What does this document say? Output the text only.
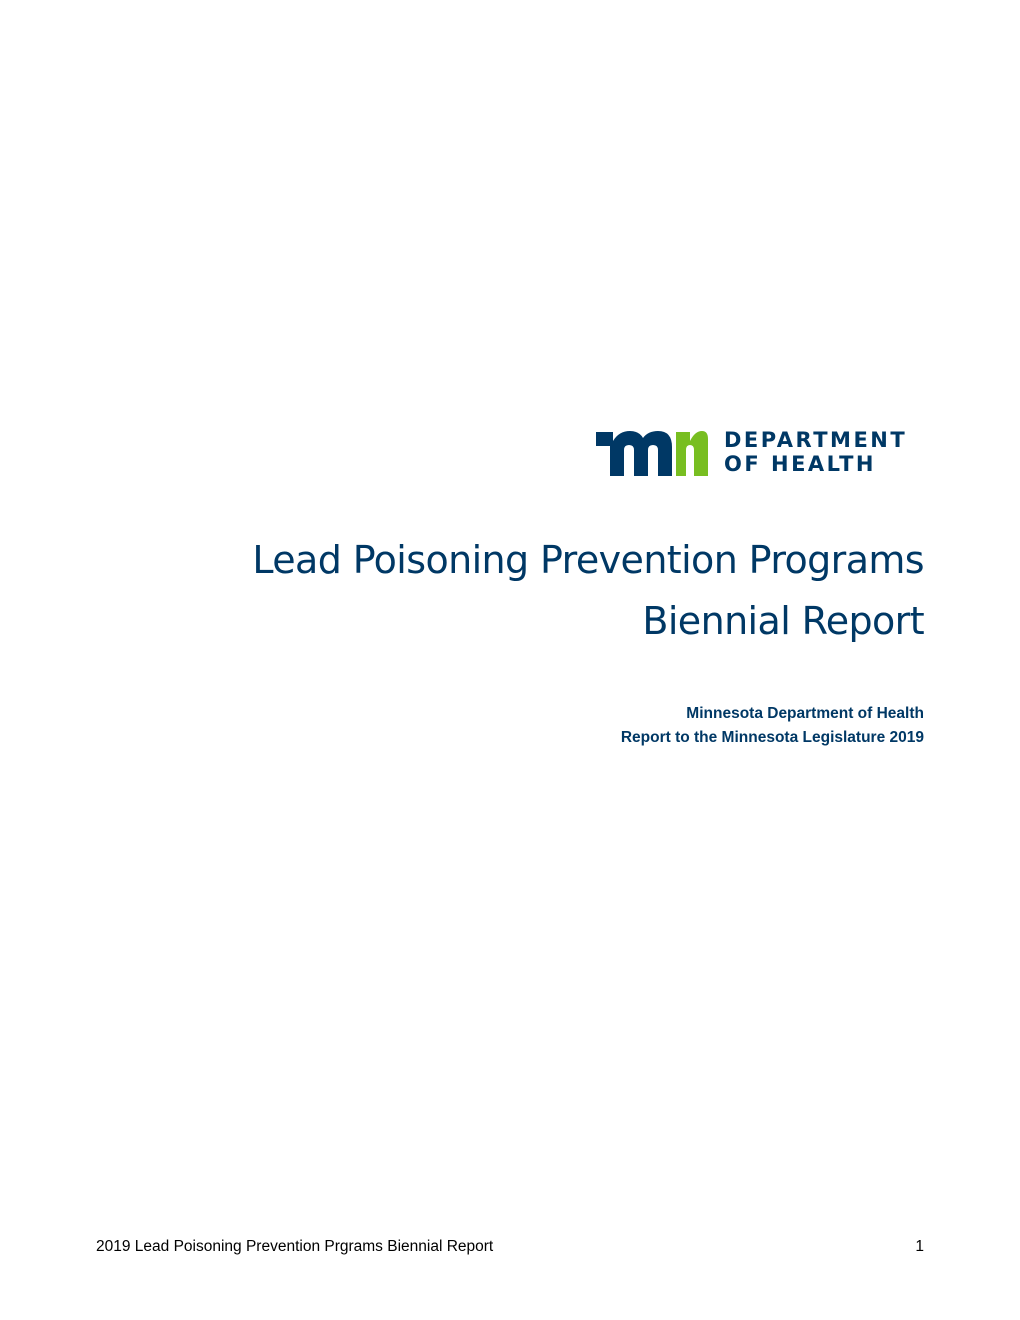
DEPARTMENT
OF HEALTH
Lead Poisoning Prevention Programs
Biennial Report
Minnesota Department of Health
Report to the Minnesota Legislature 2019
2019 Lead Poisoning Prevention Prgrams Biennial Report	1
